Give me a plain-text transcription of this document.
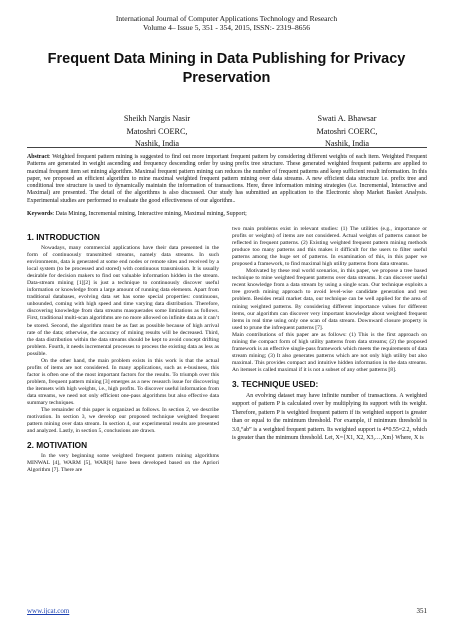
International Journal of Computer Applications Technology and Research
Volume 4– Issue 5, 351 - 354, 2015, ISSN:- 2319–8656
Frequent Data Mining in Data Publishing for Privacy Preservation
Sheikh Nargis Nasir
Matoshri COERC,
Nashik, India
Swati A. Bhawsar
Matoshri COERC,
Nashik, India
Abstract: Weighted frequent pattern mining is suggested to find out more important frequent pattern by considering different weights of each item. Weighted Frequent Patterns are generated in weight ascending and frequency descending order by using prefix tree structure. These generated weighted frequent patterns are applied to maximal frequent item set mining algorithm. Maximal frequent pattern mining can reduces the number of frequent patterns and keep sufficient result information. In this paper, we proposed an efficient algorithm to mine maximal weighted frequent pattern mining over data streams. A new efficient data structure i.e. prefix tree and conditional tree structure is used to dynamically maintain the information of transactions. Here, three information mining strategies (i.e. Incremental, Interactive and Maximal) are presented. The detail of the algorithms is also discussed. Our study has submitted an application to the Electronic shop Market Basket Analysis. Experimental studies are performed to evaluate the good effectiveness of our algorithm..
Keywords: Data Mining, Incremental mining, Interactive mining, Maximal mining, Support;
1. INTRODUCTION

Nowadays, many commercial applications have their data presented in the form of continuously transmitted streams, namely data streams. In such environments, data is generated at some end nodes or remote sites and received by a local system (to be processed and stored) with continuous transmission. It is usually desirable for decision makers to find out valuable information hidden in the stream. Data-stream mining [1][2] is just a technique to continuously discover useful information or knowledge from a large amount of running data elements. Apart from traditional databases, evolving data set has some special properties: continuous, unbounded, coming with high speed and time varying data distribution. Therefore, discovering knowledge from data streams masquerades some limitations as follows. First, traditional multi-scan algorithms are no more allowed on infinite data as it can’t be stored. Second, the algorithm must be as fast as possible because of high arrival rate of the data; otherwise, the accuracy of mining results will be decreased. Third, the data distribution within the data streams should be kept to avoid concept drifting problem. Fourth, it needs incremental processes to process the existing data as less as possible.

On the other hand, the main problem exists in this work is that the actual profits of items are not considered. In many applications, such as e-business, this factor is often one of the most important factors for the results. To triumph over this problem, frequent pattern mining [3] emerges as a new research issue for discovering the itemsets with high weights, i.e., high profits. To discover useful information from data streams, we need not only efficient one-pass algorithms but also effective data summary techniques.

The remainder of this paper is organized as follows. In section 2, we describe motivation. In section 3, we develop our proposed technique weighted frequent pattern mining over data stream. In section 4, our experimental results are presented and analyzed. Lastly, in section 5, conclusions are drawn.

2. MOTIVATION

In the very beginning some weighted frequent pattern mining algorithms MINWAL [4], WARM [5], WAR[6] have been developed based on the Apriori Algorithm [7]. There are

two main problems exist in relevant studies: (1) The utilities (e.g., importance or profits or weights) of items are not considered. Actual weights of patterns cannot be reflected in frequent patterns. (2) Existing weighted frequent pattern mining methods produce too many patterns and this makes it difficult for the users to filter useful patterns among the huge set of patterns. In examination of this, in this paper we proposed a framework, to find maximal high utility patterns from data streams.

Motivated by these real world scenarios, in this paper, we propose a tree based technique to mine weighted frequent patterns over data streams. It can discover useful recent knowledge from a data stream by using a single scan. Our technique exploits a tree growth mining approach to avoid level-wise candidate generation and test problem. Besides retail market data, our technique can be well applied for the area of mining weighted patterns. By considering different importance values for different items, our algorithm can discover very important knowledge about weighted frequent items in real time using only one scan of data stream. Downward closure property is used to prune the infrequent patterns [7].

Main contributions of this paper are as follows: (1) This is the first approach on mining the compact form of high utility patterns from data streams; (2) the proposed framework is an effective single-pass framework which meets the requirements of data stream mining; (3) It also generates patterns which are not only high utility but also maximal. This provides compact and intuitive hidden information in the data streams. An itemset is called maximal if it is not a subset of any other patterns [8].

3. TECHNIQUE USED:

An evolving dataset may have infinite number of transactions. A weighted support of pattern P is calculated over by multiplying its support with its weight. Therefore, pattern P is weighted frequent pattern if its weighted support is greater than or equal to the minimum threshold. For example, if minimum threshold is 3.0,“ab” is a weighted frequent pattern. Its weighted support is 4*0.55=2.2, which is greater than the minimum threshold. Let, X={X1, X2, X3,…,Xm} Where, X is

www.ijcat.com	351
